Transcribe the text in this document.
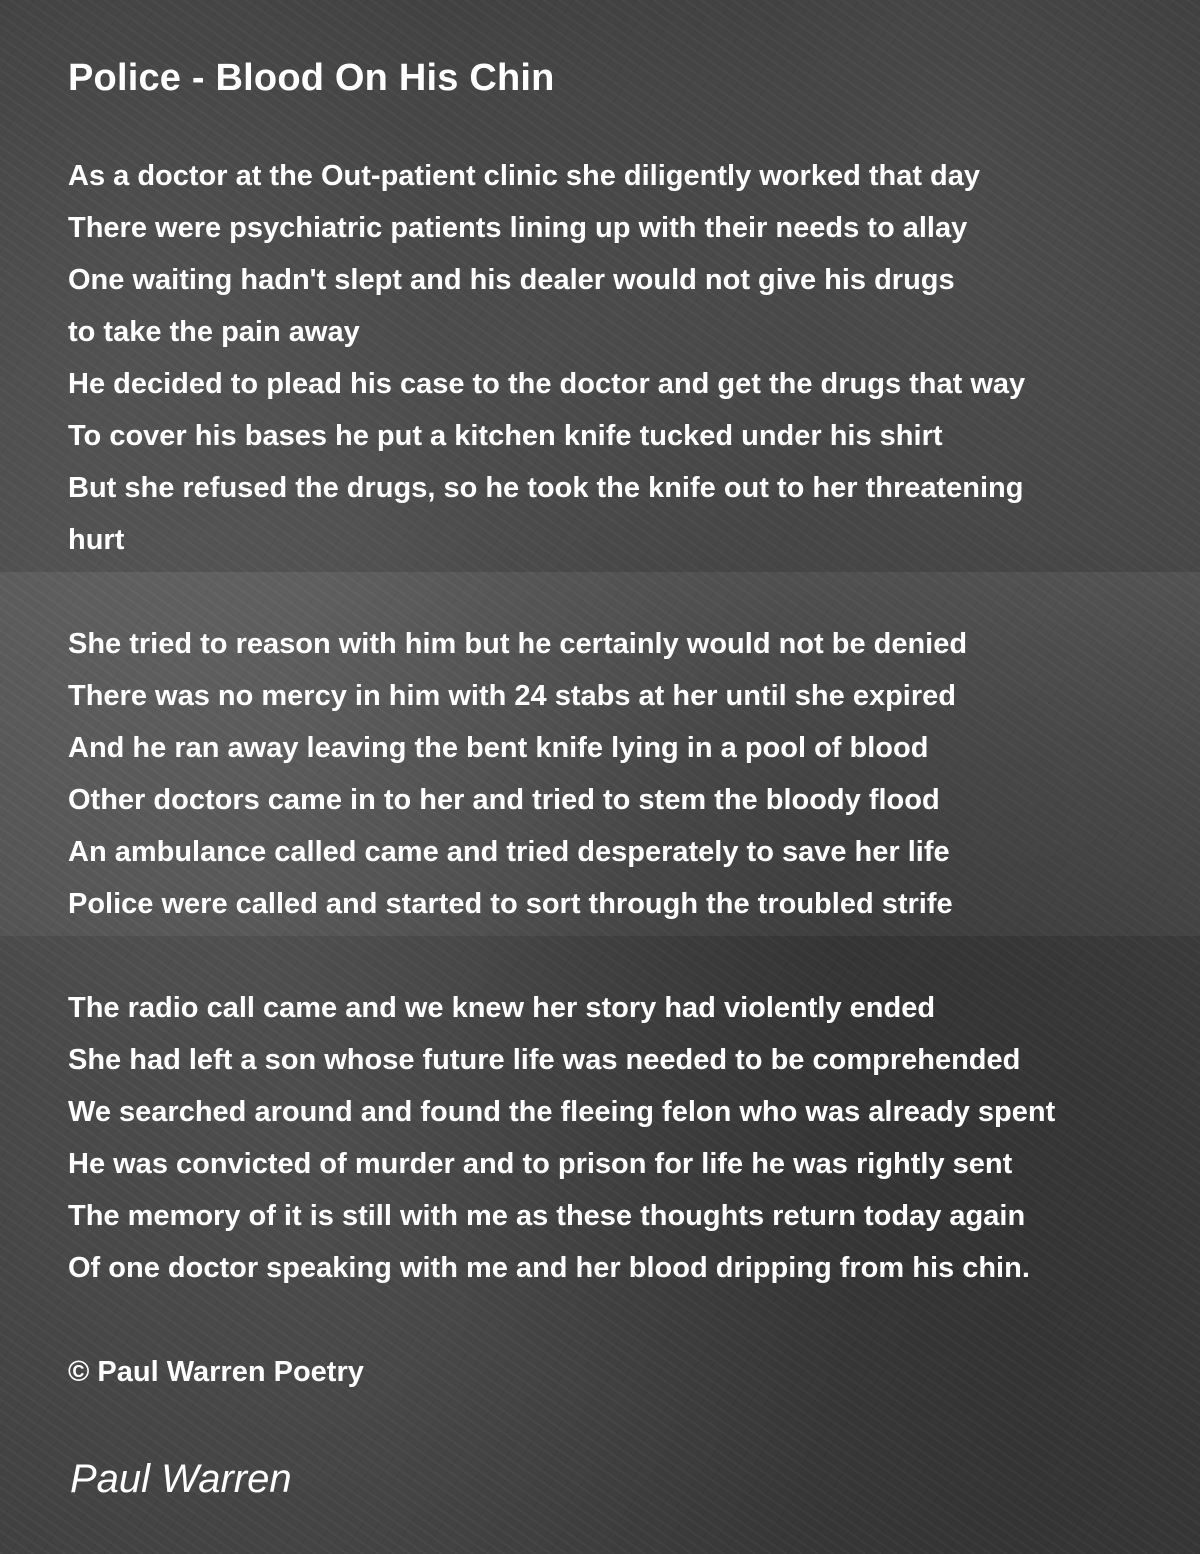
Police - Blood On His Chin
As a doctor at the Out-patient clinic she diligently worked that day
There were psychiatric patients lining up with their needs to allay
One waiting hadn't slept and his dealer would not give his drugs
to take the pain away
He decided to plead his case to the doctor and get the drugs that way
To cover his bases he put a kitchen knife tucked under his shirt
But she refused the drugs, so he took the knife out to her threatening
hurt
She tried to reason with him but he certainly would not be denied
There was no mercy in him with 24 stabs at her until she expired
And he ran away leaving the bent knife lying in a pool of blood
Other doctors came in to her and tried to stem the bloody flood
An ambulance called came and tried desperately to save her life
Police were called and started to sort through the troubled strife
The radio call came and we knew her story had violently ended
She had left a son whose future life was needed to be comprehended
We searched around and found the fleeing felon who was already spent
He was convicted of murder and to prison for life he was rightly sent
The memory of it is still with me as these thoughts return today again
Of one doctor speaking with me and her blood dripping from his chin.
© Paul Warren Poetry
Paul Warren
